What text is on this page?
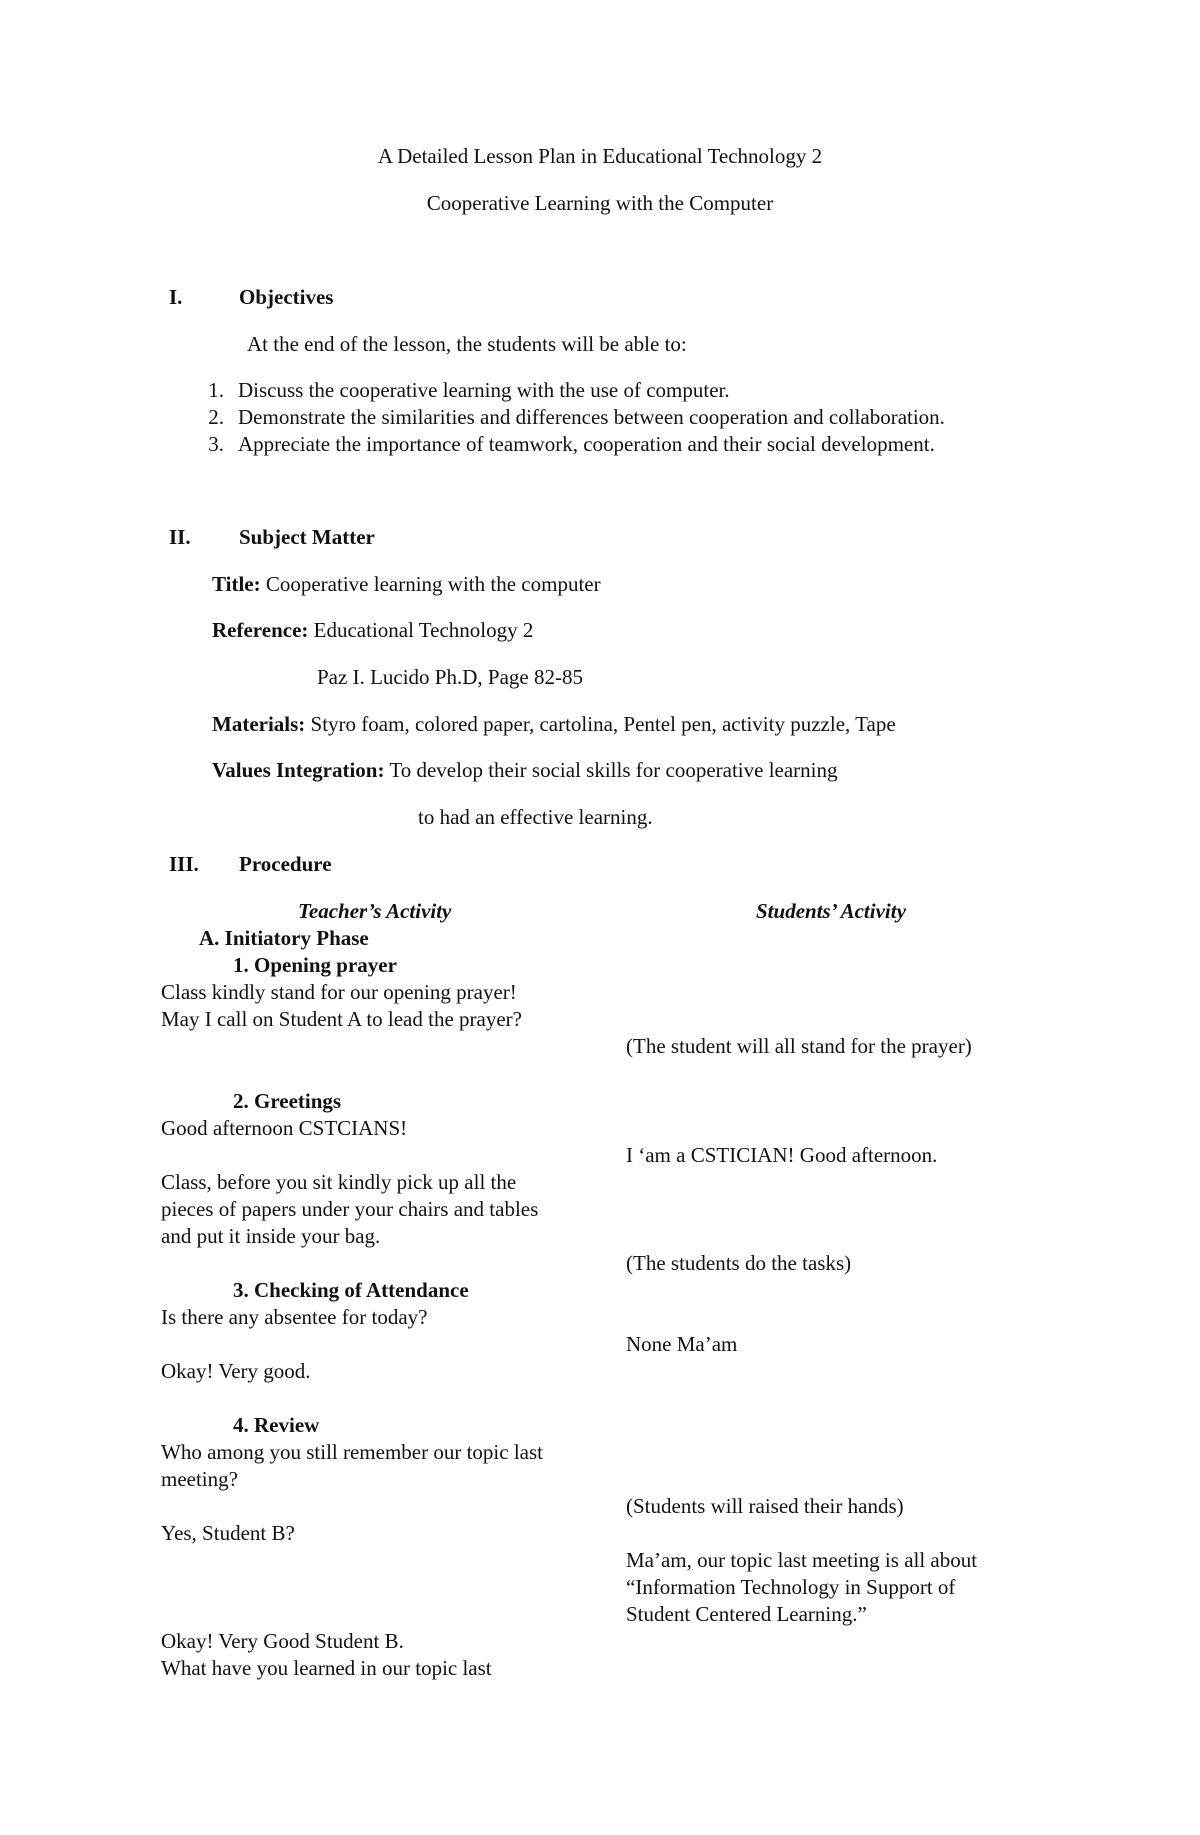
A Detailed Lesson Plan in Educational Technology 2
Cooperative Learning with the Computer
I.	Objectives
At the end of the lesson, the students will be able to:
1. Discuss the cooperative learning with the use of computer.
2. Demonstrate the similarities and differences between cooperation and collaboration.
3. Appreciate the importance of teamwork, cooperation and their social development.
II. Subject Matter
Title: Cooperative learning with the computer
Reference: Educational Technology 2
Paz I. Lucido Ph.D, Page 82-85
Materials: Styro foam, colored paper, cartolina, Pentel pen, activity puzzle, Tape
Values Integration: To develop their social skills for cooperative learning
to had an effective learning.
III. Procedure
Teacher’s Activity	Students’ Activity
A. Initiatory Phase
1. Opening prayer
Class kindly stand for our opening prayer!
May I call on Student A to lead the prayer?
(The student will all stand for the prayer)
2. Greetings
Good afternoon CSTCIANS!
I ‘am a CSTICIAN! Good afternoon.
Class, before you sit kindly pick up all the
pieces of papers under your chairs and tables
and put it inside your bag.
(The students do the tasks)
3. Checking of Attendance
Is there any absentee for today?
None Ma’am
Okay! Very good.
4. Review
Who among you still remember our topic last
meeting?
(Students will raised their hands)
Yes, Student B?
Ma’am, our topic last meeting is all about
“Information Technology in Support of
Student Centered Learning.”
Okay! Very Good Student B.
What have you learned in our topic last
